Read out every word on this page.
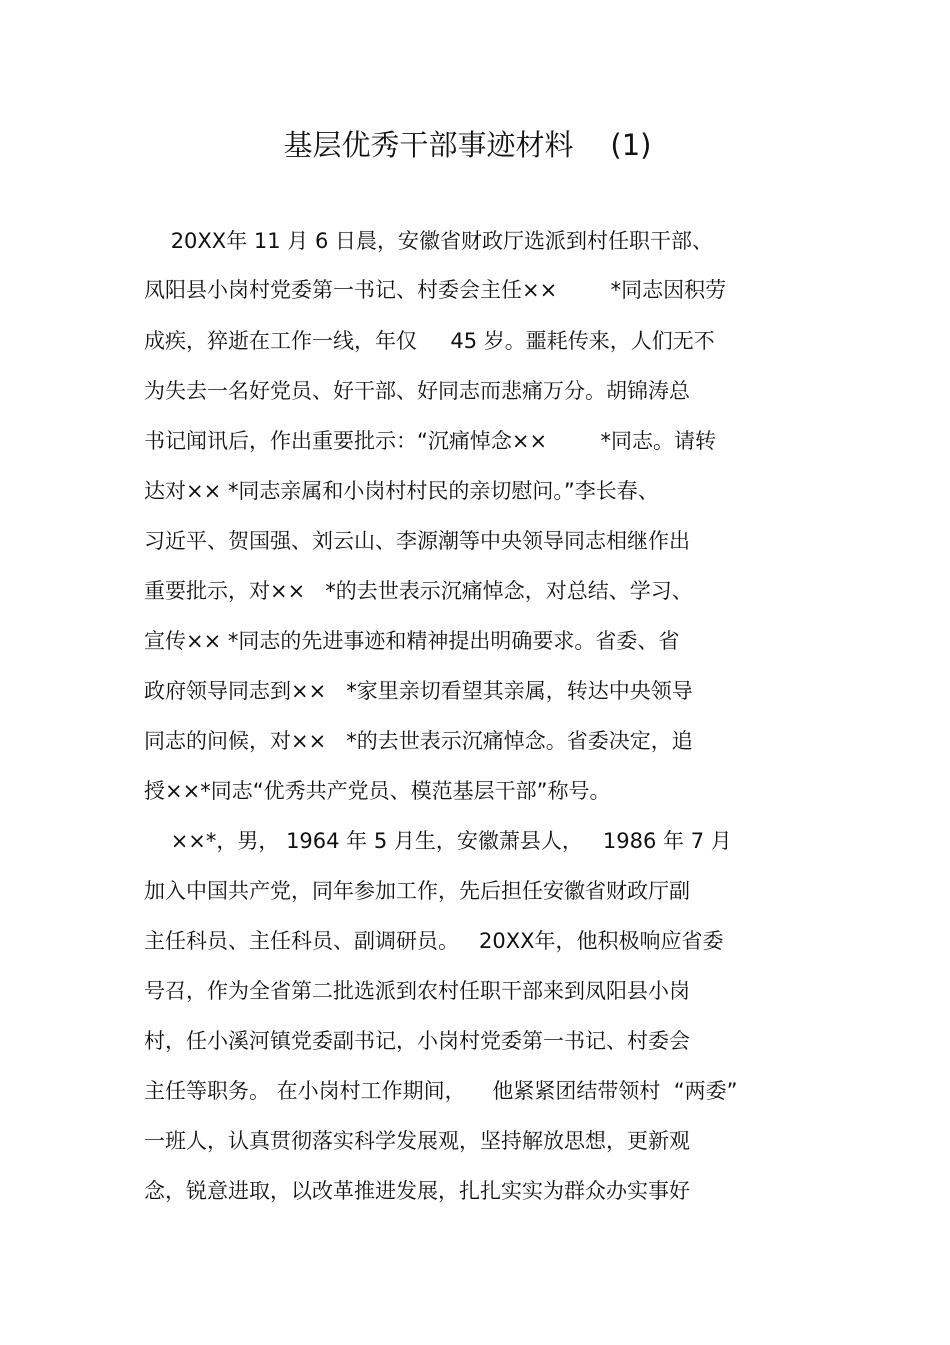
基层优秀干部事迹材料    (1)
20XX年 11 月 6 日晨，安徽省财政厅选派到村任职干部、
凤阳县小岗村党委第一书记、村委会主任××        *同志因积劳
成疾，猝逝在工作一线，年仅     45 岁。噩耗传来，人们无不
为失去一名好党员、好干部、好同志而悲痛万分。胡锦涛总
书记闻讯后，作出重要批示：“沉痛悼念××        *同志。请转
达对×× *同志亲属和小岗村村民的亲切慰问。”李长春、
习近平、贺国强、刘云山、李源潮等中央领导同志相继作出
重要批示，对××   *的去世表示沉痛悼念，对总结、学习、
宣传×× *同志的先进事迹和精神提出明确要求。省委、省
政府领导同志到××   *家里亲切看望其亲属，转达中央领导
同志的问候，对××   *的去世表示沉痛悼念。省委决定，追
授××*同志“优秀共产党员、模范基层干部”称号。
××*，男， 1964 年 5 月生，安徽萧县人，   1986 年 7 月
加入中国共产党，同年参加工作，先后担任安徽省财政厅副
主任科员、主任科员、副调研员。   20XX年，他积极响应省委
号召，作为全省第二批选派到农村任职干部来到凤阳县小岗
村，任小溪河镇党委副书记，小岗村党委第一书记、村委会
主任等职务。 在小岗村工作期间，    他紧紧团结带领村  “两委”
一班人，认真贯彻落实科学发展观，坚持解放思想，更新观
念，锐意进取，以改革推进发展，扎扎实实为群众办实事好
